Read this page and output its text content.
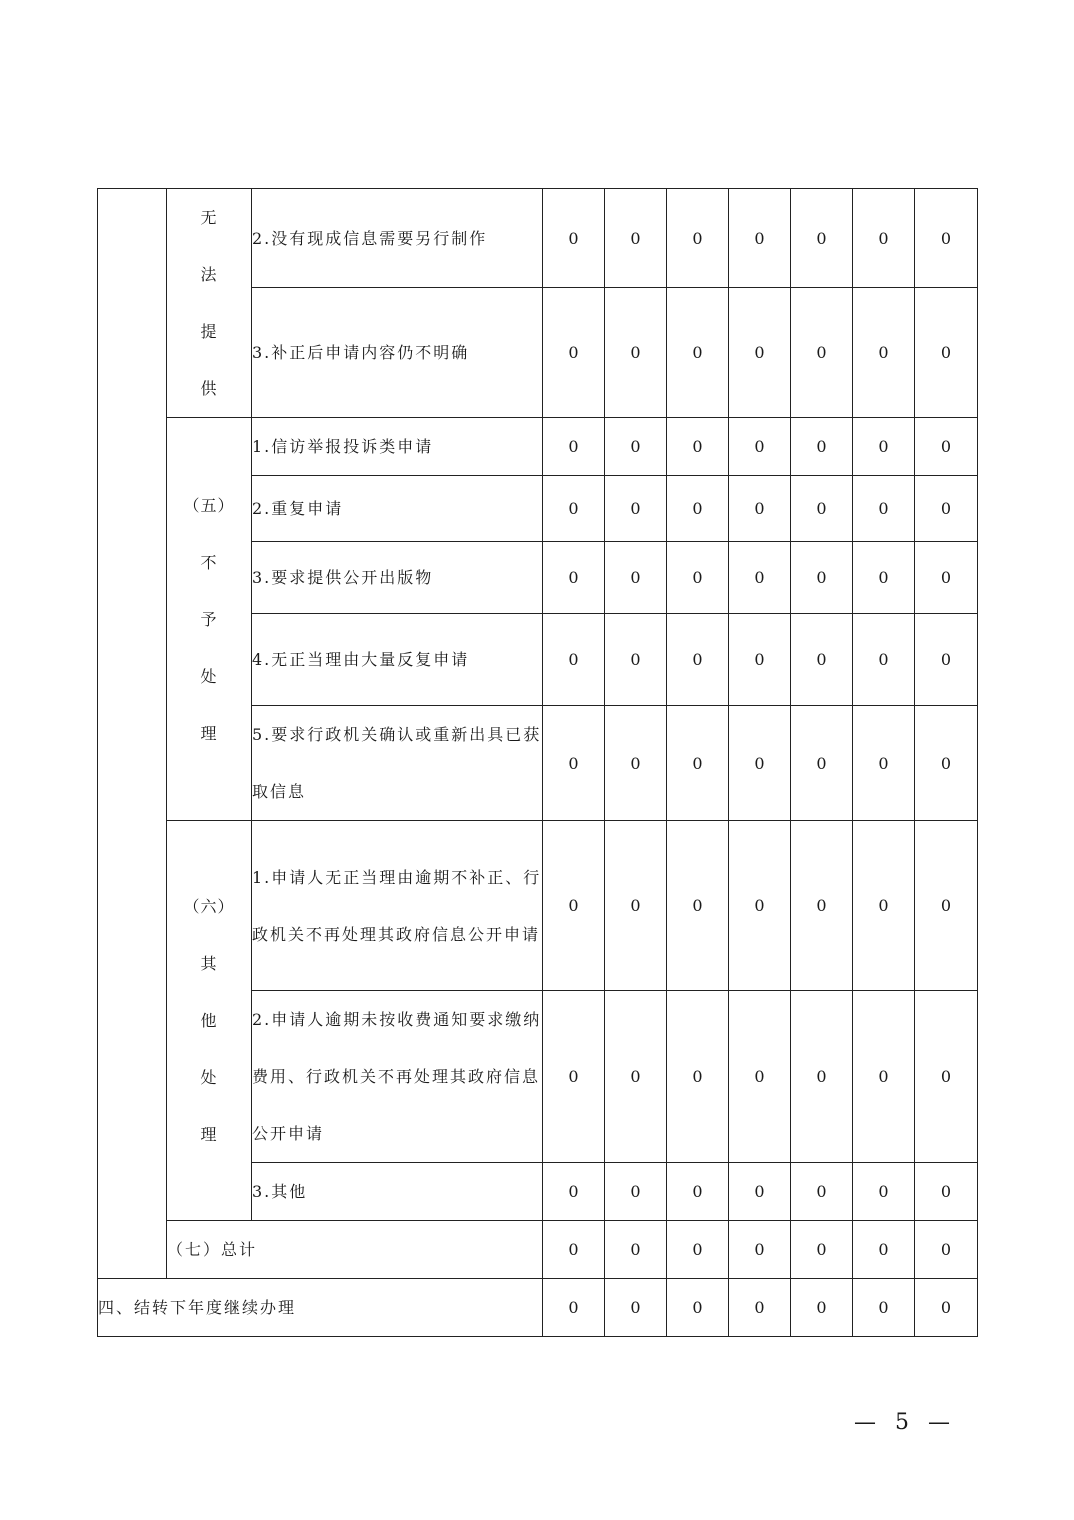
	无
法
提
供	2.没有现成信息需要另行制作	0	0	0	0	0	0	0
		3.补正后申请内容仍不明确	0	0	0	0	0	0	0

	（五）
不
予
处
理	1.信访举报投诉类申请	0	0	0	0	0	0	0
		2.重复申请	0	0	0	0	0	0	0
		3.要求提供公开出版物	0	0	0	0	0	0	0
		4.无正当理由大量反复申请	0	0	0	0	0	0	0
		5.要求行政机关确认或重新出具已获取信息	0	0	0	0	0	0	0

	（六）
其
他
处
理	1.申请人无正当理由逾期不补正、行政机关不再处理其政府信息公开申请	0	0	0	0	0	0	0
		2.申请人逾期未按收费通知要求缴纳费用、行政机关不再处理其政府信息公开申请	0	0	0	0	0	0	0
		3.其他	0	0	0	0	0	0	0
	（七）总计		0	0	0	0	0	0	0
四、结转下年度继续办理			0	0	0	0	0	0	0
— 5 —
